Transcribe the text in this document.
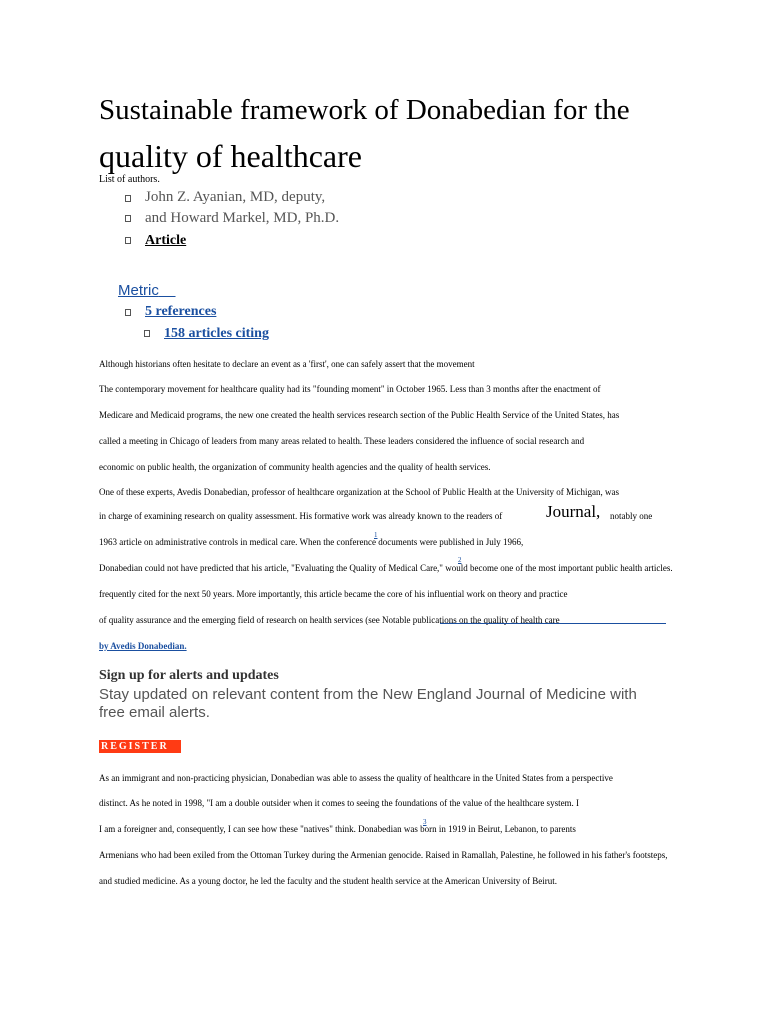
Sustainable framework of Donabedian for the
quality of healthcare
List of authors.
John Z. Ayanian, MD, deputy,
and Howard Markel, MD, Ph.D.
Article
Metric
5 references
158 articles citing
Although historians often hesitate to declare an event as a 'first', one can safely assert that the movement
The contemporary movement for healthcare quality had its "founding moment" in October 1965. Less than 3 months after the enactment of
Medicare and Medicaid programs, the new one created the health services research section of the Public Health Service of the United States, has
called a meeting in Chicago of leaders from many areas related to health. These leaders considered the influence of social research and
economic on public health, the organization of community health agencies and the quality of health services.
One of these experts, Avedis Donabedian, professor of healthcare organization at the School of Public Health at the University of Michigan, was
in charge of examining research on quality assessment. His formative work was already known to the readers of	Journal, notably one
1963 article on administrative controls in medical care. When the conference documents were published in July 1966,
1
Donabedian could not have predicted that his article, "Evaluating the Quality of Medical Care," would become one of the most important public health articles.
2
frequently cited for the next 50 years. More importantly, this article became the core of his influential work on theory and practice
of quality assurance and the emerging field of research on health services (see Notable publications on the quality of health care
by Avedis Donabedian.
Sign up for alerts and updates
Stay updated on relevant content from the New England Journal of Medicine with
free email alerts.
REGISTER
As an immigrant and non-practicing physician, Donabedian was able to assess the quality of healthcare in the United States from a perspective
distinct. As he noted in 1998, "I am a double outsider when it comes to seeing the foundations of the value of the healthcare system. I
I am a foreigner and, consequently, I can see how these "natives" think. Donabedian was born in 1919 in Beirut, Lebanon, to parents
3
Armenians who had been exiled from the Ottoman Turkey during the Armenian genocide. Raised in Ramallah, Palestine, he followed in his father's footsteps,
and studied medicine. As a young doctor, he led the faculty and the student health service at the American University of Beirut.
